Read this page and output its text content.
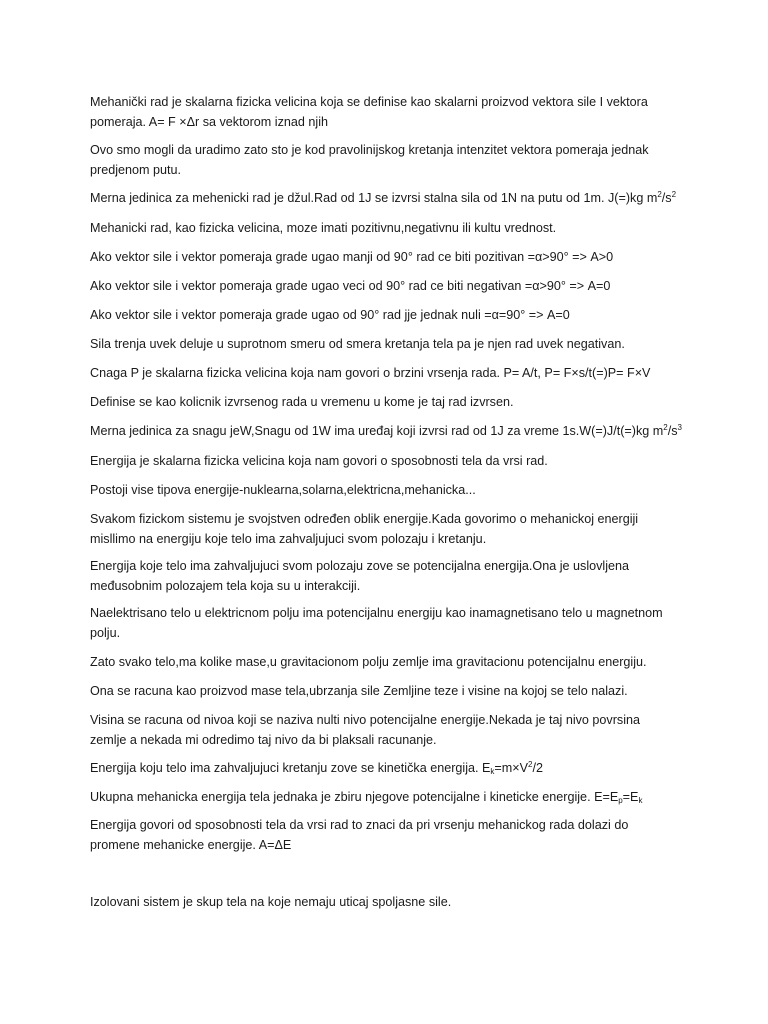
Mehanički rad je skalarna fizicka velicina koja se definise kao skalarni proizvod vektora sile I vektora
pomeraja. A= F ×Δr sa vektorom iznad njih

Ovo smo mogli da uradimo zato sto je kod pravolinijskog kretanja intenzitet vektora pomeraja jednak
predjenom putu.

Merna jedinica za mehenicki rad je džul.Rad od 1J se izvrsi stalna sila od 1N na putu od 1m. J(=)kg $m^2/s^2$

Mehanicki rad, kao fizicka velicina, moze imati pozitivnu,negativnu ili kultu vrednost.

Ako vektor sile i vektor pomeraja grade ugao manji od 90° rad ce biti pozitivan =α>90° => A>0

Ako vektor sile i vektor pomeraja grade ugao veci od 90° rad ce biti negativan =α>90° => A=0

Ako vektor sile i vektor pomeraja grade ugao od 90° rad jje jednak nuli =α=90° => A=0

Sila trenja uvek deluje u suprotnom smeru od smera kretanja tela pa je njen rad uvek negativan.

Cnaga P je skalarna fizicka velicina koja nam govori o brzini vrsenja rada. P= A/t, P= F×s/t(=)P= F×V

Definise se kao kolicnik izvrsenog rada u vremenu u kome je taj rad izvrsen.

Merna jedinica za snagu jeW,Snagu od 1W ima uređaj koji izvrsi rad od 1J za vreme 1s.W(=)J/t(=)kg $m^2/s^3$

Energija je skalarna fizicka velicina koja nam govori o sposobnosti tela da vrsi rad.

Postoji vise tipova energije-nuklearna,solarna,elektricna,mehanicka...

Svakom fizickom sistemu je svojstven određen oblik energije.Kada govorimo o mehanickoj energiji
misllimo na energiju koje telo ima zahvaljujuci svom polozaju i kretanju.

Energija koje telo ima zahvaljujuci svom polozaju zove se potencijalna energija.Ona je uslovljena
međusobnim polozajem tela koja su u interakciji.

Naelektrisano telo u elektricnom polju ima potencijalnu energiju kao inamagnetisano telo u magnetnom
polju.

Zato svako telo,ma kolike mase,u gravitacionom polju zemlje ima gravitacionu potencijalnu energiju.

Ona se racuna kao proizvod mase tela,ubrzanja sile Zemljine teze i visine na kojoj se telo nalazi.

Visina se racuna od nivoa koji se naziva nulti nivo potencijalne energije.Nekada je taj nivo povrsina
zemlje a nekada mi odredimo taj nivo da bi plaksali racunanje.

Energija koju telo ima zahvaljujuci kretanju zove se kinetička energija. $E_k=m\times V^2/2$

Ukupna mehanicka energija tela jednaka je zbiru njegove potencijalne i kineticke energije. $E=E_p=E_k$

Energija govori od sposobnosti tela da vrsi rad to znaci da pri vrsenju mehanickog rada dolazi do
promene mehanicke energije. A=ΔE

Izolovani sistem je skup tela na koje nemaju uticaj spoljasne sile.
